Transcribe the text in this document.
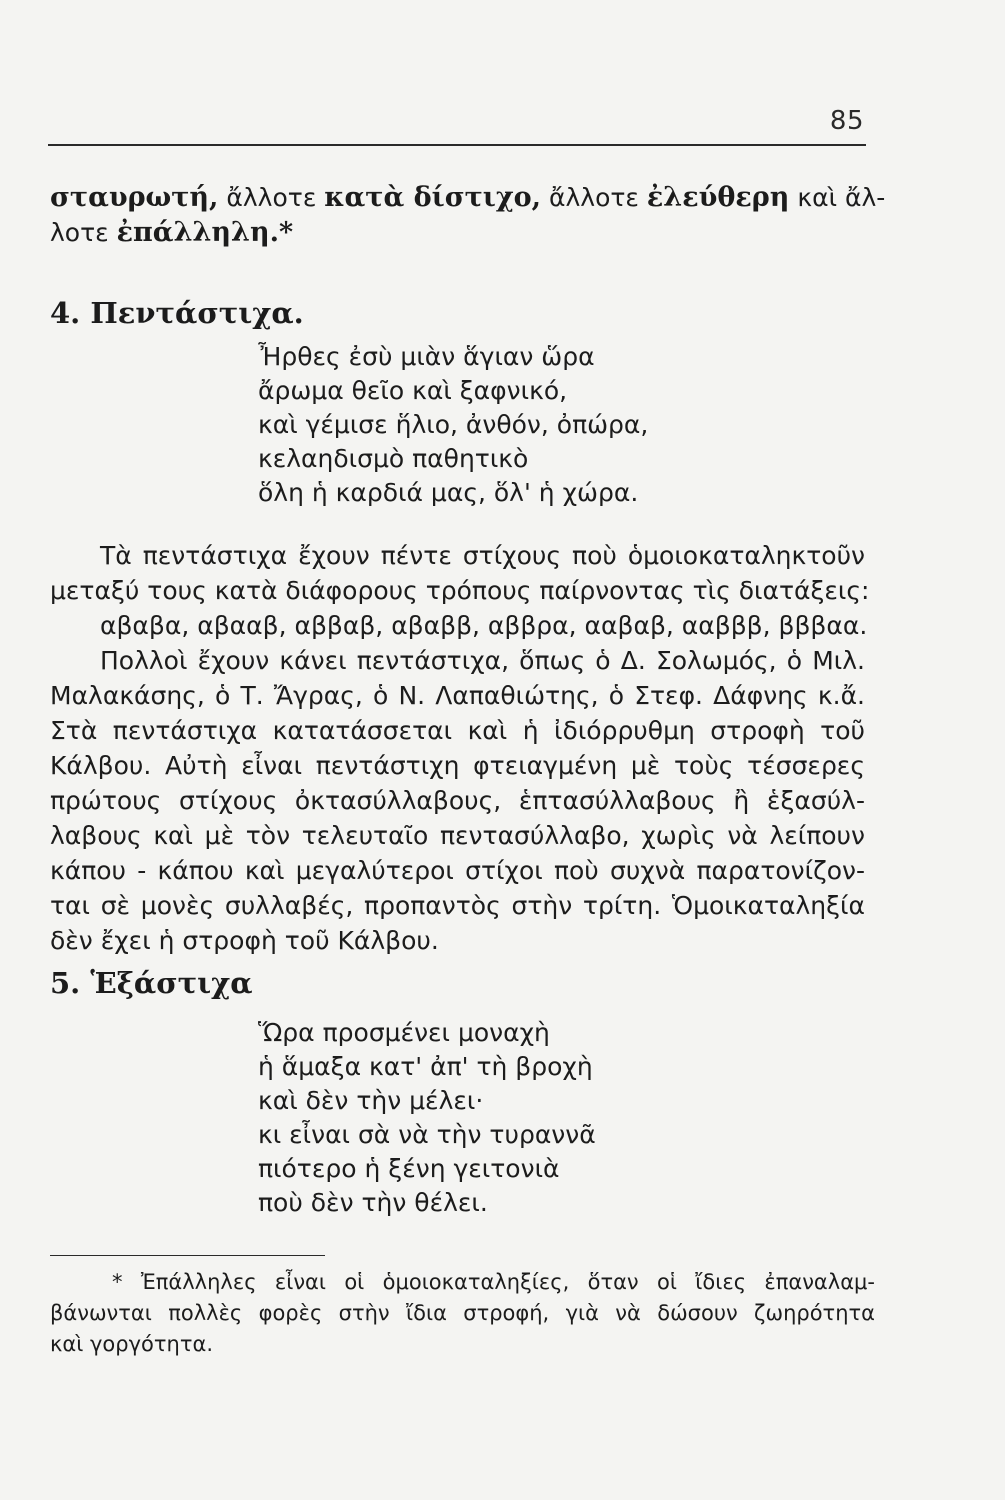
85
σταυρωτή, ἄλλοτε κατὰ δίστιχο, ἄλλοτε ἐλεύθερη καὶ ἄλ-
λοτε ἐπάλληλη.*
4. Πεντάστιχα.
Ἦρθες ἐσὺ μιὰν ἅγιαν ὥρα
ἄρωμα θεῖο καὶ ξαφνικό,
καὶ γέμισε ἥλιο, ἀνθόν, ὀπώρα,
κελαηδισμὸ παθητικὸ
ὅλη ἡ καρδιά μας, ὅλ' ἡ χώρα.
Τὰ πεντάστιχα ἔχουν πέντε στίχους ποὺ ὁμοιοκαταληκτοῦν
μεταξύ τους κατὰ διάφορους τρόπους παίρνοντας τὶς διατάξεις:
αβαβα, αβααβ, αββαβ, αβαββ, αββρα, ααβαβ, ααβββ, βββαα.
Πολλοὶ ἔχουν κάνει πεντάστιχα, ὅπως ὁ Δ. Σολωμός, ὁ Μιλ.
Μαλακάσης, ὁ Τ. Ἄγρας, ὁ Ν. Λαπαθιώτης, ὁ Στεφ. Δάφνης κ.ἄ.
Στὰ πεντάστιχα κατατάσσεται καὶ ἡ ἰδιόρρυθμη στροφὴ τοῦ
Κάλβου. Αὐτὴ εἶναι πεντάστιχη φτειαγμένη μὲ τοὺς τέσσερες
πρώτους στίχους ὀκτασύλλαβους, ἑπτασύλλαβους ἢ ἑξασύλ-
λαβους καὶ μὲ τὸν τελευταῖο πεντασύλλαβο, χωρὶς νὰ λείπουν
κάπου - κάπου καὶ μεγαλύτεροι στίχοι ποὺ συχνὰ παρατονίζον-
ται σὲ μονὲς συλλαβές, προπαντὸς στὴν τρίτη. Ὁμοικαταληξία
δὲν ἔχει ἡ στροφὴ τοῦ Κάλβου.
5. Ἑξάστιχα
Ὥρα προσμένει μοναχὴ
ἡ ἅμαξα κατ' ἀπ' τὴ βροχὴ
καὶ δὲν τὴν μέλει·
κι εἶναι σὰ νὰ τὴν τυραννᾶ
πιότερο ἡ ξένη γειτονιὰ
ποὺ δὲν τὴν θέλει.
* Ἐπάλληλες εἶναι οἱ ὁμοιοκαταληξίες, ὅταν οἱ ἴδιες ἐπαναλαμ-
βάνωνται πολλὲς φορὲς στὴν ἴδια στροφή, γιὰ νὰ δώσουν ζωηρότητα
καὶ γοργότητα.
